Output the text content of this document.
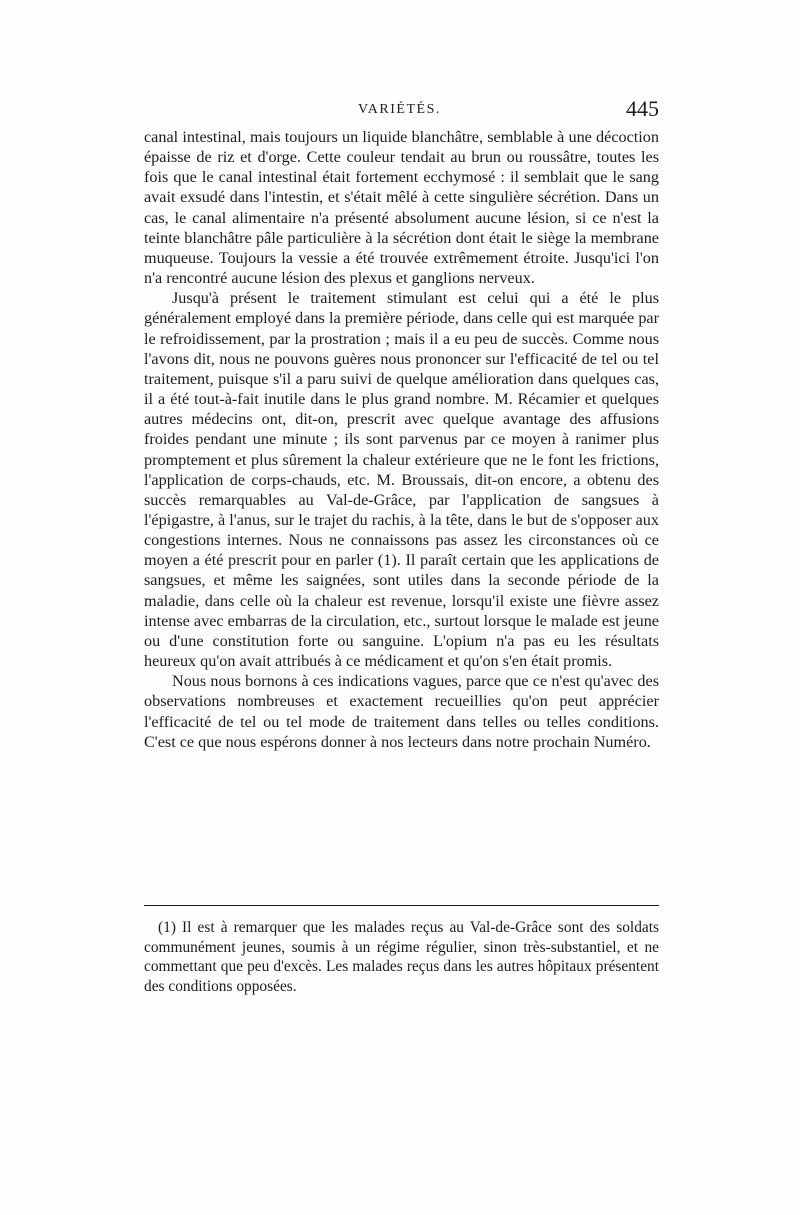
VARIÉTÉS.	445

canal intestinal, mais toujours un liquide blanchâtre, semblable à une décoction épaisse de riz et d'orge. Cette couleur tendait au brun ou roussâtre, toutes les fois que le canal intestinal était fortement ecchymosé : il semblait que le sang avait exsudé dans l'intestin, et s'était mêlé à cette singulière sécrétion. Dans un cas, le canal alimentaire n'a présenté absolument aucune lésion, si ce n'est la teinte blanchâtre pâle particulière à la sécrétion dont était le siège la membrane muqueuse. Toujours la vessie a été trouvée extrêmement étroite. Jusqu'ici l'on n'a rencontré aucune lésion des plexus et ganglions nerveux.

Jusqu'à présent le traitement stimulant est celui qui a été le plus généralement employé dans la première période, dans celle qui est marquée par le refroidissement, par la prostration ; mais il a eu peu de succès. Comme nous l'avons dit, nous ne pouvons guères nous prononcer sur l'efficacité de tel ou tel traitement, puisque s'il a paru suivi de quelque amélioration dans quelques cas, il a été tout-à-fait inutile dans le plus grand nombre. M. Récamier et quelques autres médecins ont, dit-on, prescrit avec quelque avantage des affusions froides pendant une minute ; ils sont parvenus par ce moyen à ranimer plus promptement et plus sûrement la chaleur extérieure que ne le font les frictions, l'application de corps-chauds, etc. M. Broussais, dit-on encore, a obtenu des succès remarquables au Val-de-Grâce, par l'application de sangsues à l'épigastre, à l'anus, sur le trajet du rachis, à la tête, dans le but de s'opposer aux congestions internes. Nous ne connaissons pas assez les circonstances où ce moyen a été prescrit pour en parler (1). Il paraît certain que les applications de sangsues, et même les saignées, sont utiles dans la seconde période de la maladie, dans celle où la chaleur est revenue, lorsqu'il existe une fièvre assez intense avec embarras de la circulation, etc., surtout lorsque le malade est jeune ou d'une constitution forte ou sanguine. L'opium n'a pas eu les résultats heureux qu'on avait attribués à ce médicament et qu'on s'en était promis.

Nous nous bornons à ces indications vagues, parce que ce n'est qu'avec des observations nombreuses et exactement recueillies qu'on peut apprécier l'efficacité de tel ou tel mode de traitement dans telles ou telles conditions. C'est ce que nous espérons donner à nos lecteurs dans notre prochain Numéro.

(1) Il est à remarquer que les malades reçus au Val-de-Grâce sont des soldats communément jeunes, soumis à un régime régulier, sinon très-substantiel, et ne commettant que peu d'excès. Les malades reçus dans les autres hôpitaux présentent des conditions opposées.
